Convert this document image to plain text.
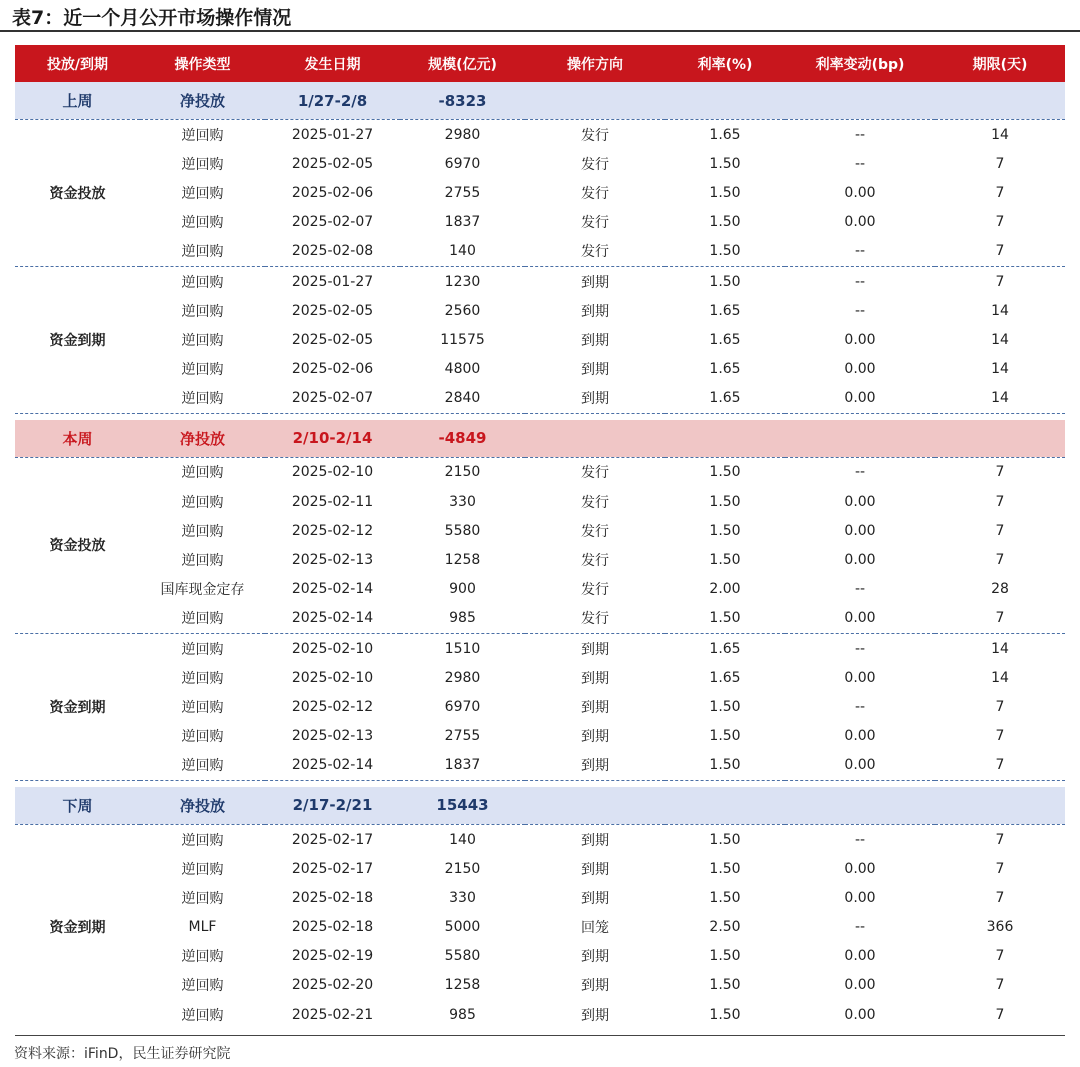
表7：近一个月公开市场操作情况
投放/到期	操作类型	发生日期	规模(亿元)	操作方向	利率(%)	利率变动(bp)	期限(天)
上周	净投放	1/27-2/8	-8323				
资金投放	逆回购	2025-01-27	2980	发行	1.65	--	14
	逆回购	2025-02-05	6970	发行	1.50	--	7
	逆回购	2025-02-06	2755	发行	1.50	0.00	7
	逆回购	2025-02-07	1837	发行	1.50	0.00	7
	逆回购	2025-02-08	140	发行	1.50	--	7
资金到期	逆回购	2025-01-27	1230	到期	1.50	--	7
	逆回购	2025-02-05	2560	到期	1.65	--	14
	逆回购	2025-02-05	11575	到期	1.65	0.00	14
	逆回购	2025-02-06	4800	到期	1.65	0.00	14
	逆回购	2025-02-07	2840	到期	1.65	0.00	14

本周	净投放	2/10-2/14	-4849				
资金投放	逆回购	2025-02-10	2150	发行	1.50	--	7
	逆回购	2025-02-11	330	发行	1.50	0.00	7
	逆回购	2025-02-12	5580	发行	1.50	0.00	7
	逆回购	2025-02-13	1258	发行	1.50	0.00	7
	国库现金定存	2025-02-14	900	发行	2.00	--	28
	逆回购	2025-02-14	985	发行	1.50	0.00	7
资金到期	逆回购	2025-02-10	1510	到期	1.65	--	14
	逆回购	2025-02-10	2980	到期	1.65	0.00	14
	逆回购	2025-02-12	6970	到期	1.50	--	7
	逆回购	2025-02-13	2755	到期	1.50	0.00	7
	逆回购	2025-02-14	1837	到期	1.50	0.00	7

下周	净投放	2/17-2/21	15443				
资金到期	逆回购	2025-02-17	140	到期	1.50	--	7
	逆回购	2025-02-17	2150	到期	1.50	0.00	7
	逆回购	2025-02-18	330	到期	1.50	0.00	7
	MLF	2025-02-18	5000	回笼	2.50	--	366
	逆回购	2025-02-19	5580	到期	1.50	0.00	7
	逆回购	2025-02-20	1258	到期	1.50	0.00	7
	逆回购	2025-02-21	985	到期	1.50	0.00	7
资料来源：iFinD，民生证券研究院
